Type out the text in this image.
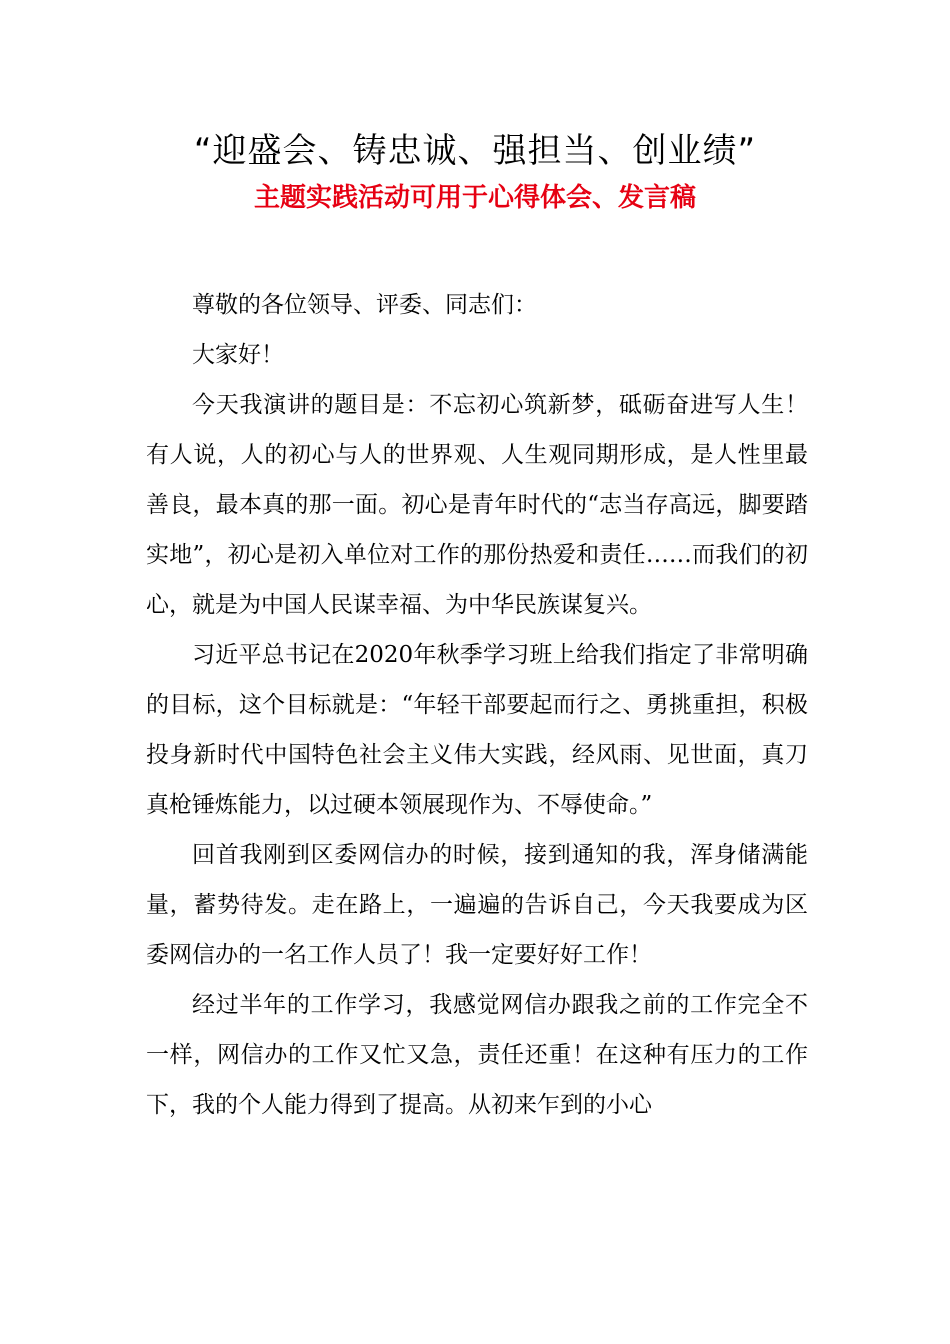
“迎盛会、铸忠诚、强担当、创业绩”
主题实践活动可用于心得体会、发言稿

尊敬的各位领导、评委、同志们：

大家好！

今天我演讲的题目是：不忘初心筑新梦，砥砺奋进写人生！有人说，人的初心与人的世界观、人生观同期形成，是人性里最善良，最本真的那一面。初心是青年时代的“志当存高远，脚要踏实地”，初心是初入单位对工作的那份热爱和责任……而我们的初心，就是为中国人民谋幸福、为中华民族谋复兴。

习近平总书记在2020年秋季学习班上给我们指定了非常明确的目标，这个目标就是：“年轻干部要起而行之、勇挑重担，积极投身新时代中国特色社会主义伟大实践，经风雨、见世面，真刀真枪锤炼能力，以过硬本领展现作为、不辱使命。”

回首我刚到区委网信办的时候，接到通知的我，浑身储满能量，蓄势待发。走在路上，一遍遍的告诉自己，今天我要成为区委网信办的一名工作人员了！我一定要好好工作！

经过半年的工作学习，我感觉网信办跟我之前的工作完全不一样，网信办的工作又忙又急，责任还重！在这种有压力的工作下，我的个人能力得到了提高。从初来乍到的小心
